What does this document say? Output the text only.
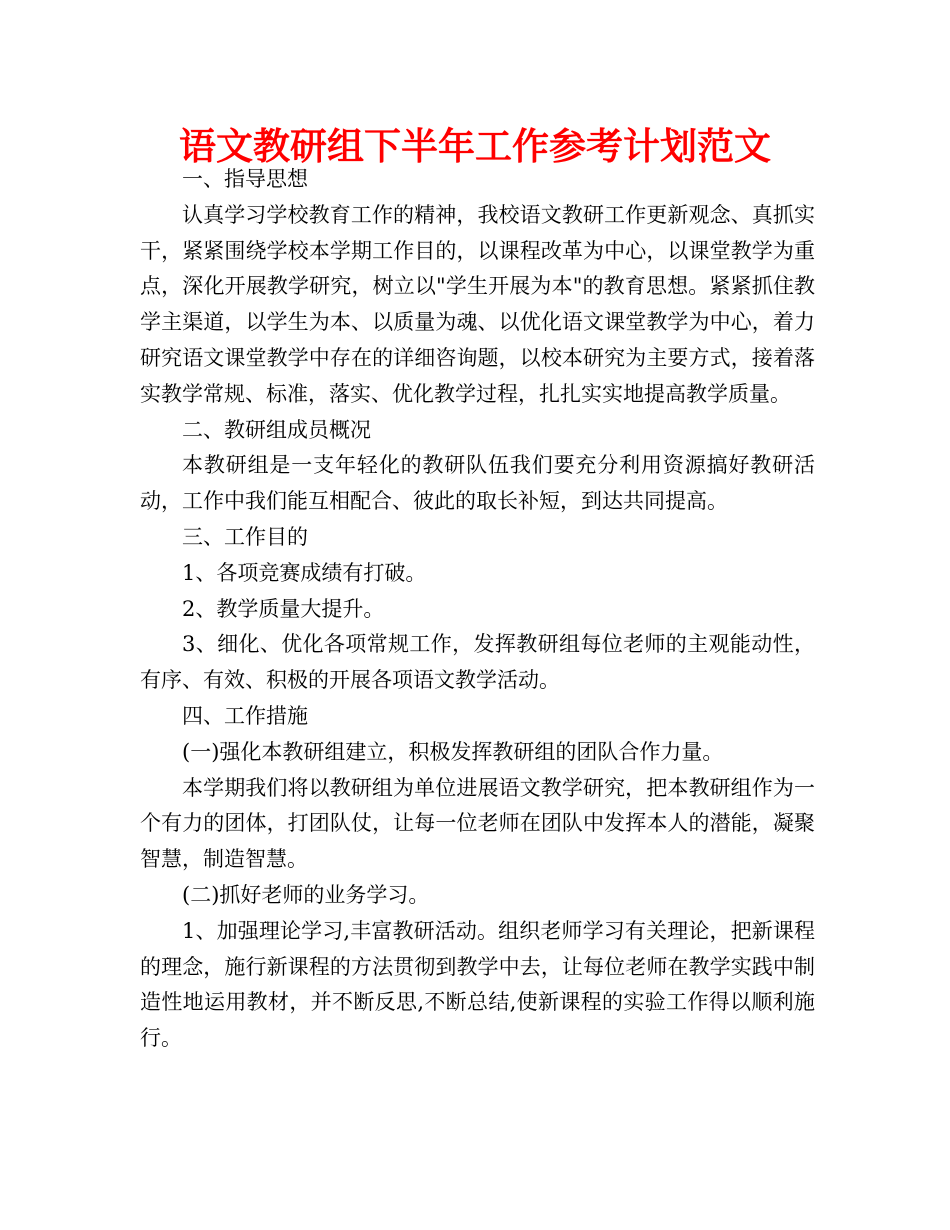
语文教研组下半年工作参考计划范文

一、指导思想

认真学习学校教育工作的精神，我校语文教研工作更新观念、真抓实干，紧紧围绕学校本学期工作目的，以课程改革为中心，以课堂教学为重点，深化开展教学研究，树立以"学生开展为本"的教育思想。紧紧抓住教学主渠道，以学生为本、以质量为魂、以优化语文课堂教学为中心，着力研究语文课堂教学中存在的详细咨询题，以校本研究为主要方式，接着落实教学常规、标准，落实、优化教学过程，扎扎实实地提高教学质量。

二、教研组成员概况

本教研组是一支年轻化的教研队伍我们要充分利用资源搞好教研活动，工作中我们能互相配合、彼此的取长补短，到达共同提高。

三、工作目的

1、各项竞赛成绩有打破。

2、教学质量大提升。

3、细化、优化各项常规工作，发挥教研组每位老师的主观能动性，有序、有效、积极的开展各项语文教学活动。

四、工作措施

(一)强化本教研组建立，积极发挥教研组的团队合作力量。

本学期我们将以教研组为单位进展语文教学研究，把本教研组作为一个有力的团体，打团队仗，让每一位老师在团队中发挥本人的潜能，凝聚智慧，制造智慧。

(二)抓好老师的业务学习。

1、加强理论学习,丰富教研活动。组织老师学习有关理论，把新课程的理念，施行新课程的方法贯彻到教学中去，让每位老师在教学实践中制造性地运用教材，并不断反思,不断总结,使新课程的实验工作得以顺利施行。
